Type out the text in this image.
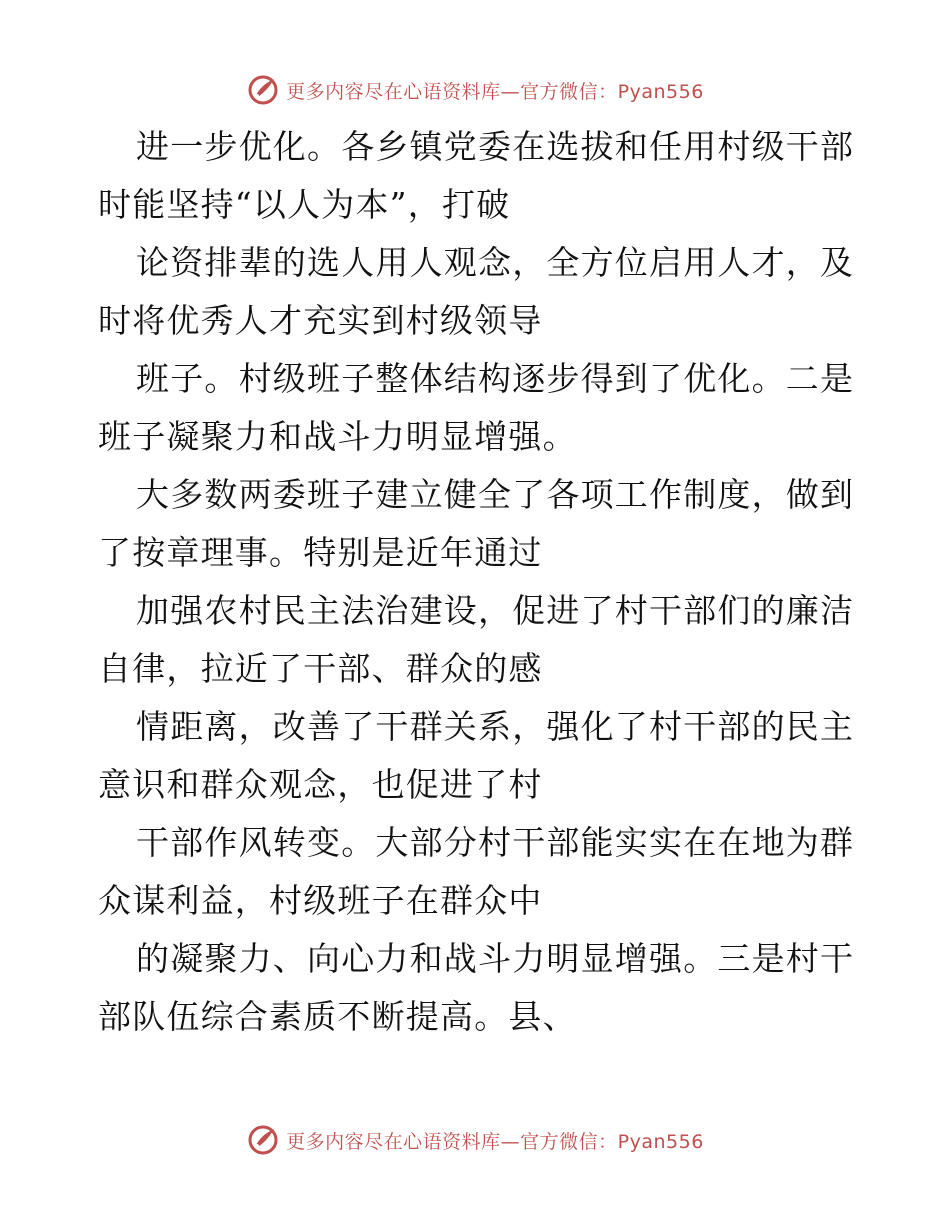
更多内容尽在心语资料库—官方微信：Pyan556
进一步优化。各乡镇党委在选拔和任用村级干部
时能坚持“以人为本”，打破
论资排辈的选人用人观念，全方位启用人才，及
时将优秀人才充实到村级领导
班子。村级班子整体结构逐步得到了优化。二是
班子凝聚力和战斗力明显增强。
大多数两委班子建立健全了各项工作制度，做到
了按章理事。特别是近年通过
加强农村民主法治建设，促进了村干部们的廉洁
自律，拉近了干部、群众的感
情距离，改善了干群关系，强化了村干部的民主
意识和群众观念，也促进了村
干部作风转变。大部分村干部能实实在在地为群
众谋利益，村级班子在群众中
的凝聚力、向心力和战斗力明显增强。三是村干
部队伍综合素质不断提高。县、
更多内容尽在心语资料库—官方微信：Pyan556
